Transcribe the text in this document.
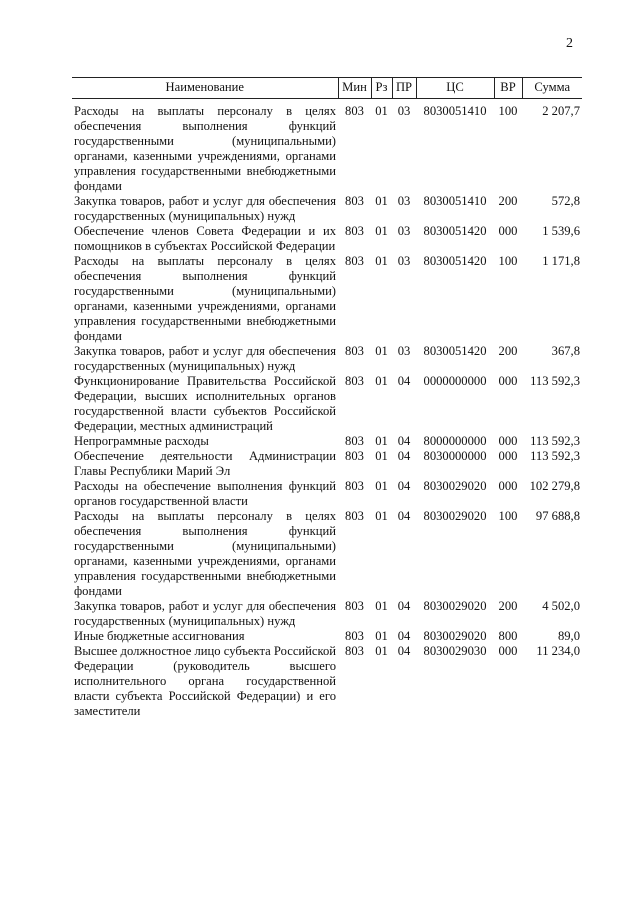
2
Наименование	Мин	Рз	ПР	ЦС	ВР	Сумма
Расходы на выплаты персоналу в целях обеспечения выполнения функций государственными (муниципальными) органами, казенными учреждениями, органами управления государственными внебюджетными фондами	803	01	03	8030051410	100	2 207,7
Закупка товаров, работ и услуг для обеспечения государственных (муниципальных) нужд	803	01	03	8030051410	200	572,8
Обеспечение членов Совета Федерации и их помощников в субъектах Российской Федерации	803	01	03	8030051420	000	1 539,6
Расходы на выплаты персоналу в целях обеспечения выполнения функций государственными (муниципальными) органами, казенными учреждениями, органами управления государственными внебюджетными фондами	803	01	03	8030051420	100	1 171,8
Закупка товаров, работ и услуг для обеспечения государственных (муниципальных) нужд	803	01	03	8030051420	200	367,8
Функционирование Правительства Российской Федерации, высших исполнительных органов государственной власти субъектов Российской Федерации, местных администраций	803	01	04	0000000000	000	113 592,3
Непрограммные расходы	803	01	04	8000000000	000	113 592,3
Обеспечение деятельности Администрации Главы Республики Марий Эл	803	01	04	8030000000	000	113 592,3
Расходы на обеспечение выполнения функций органов государственной власти	803	01	04	8030029020	000	102 279,8
Расходы на выплаты персоналу в целях обеспечения выполнения функций государственными (муниципальными) органами, казенными учреждениями, органами управления государственными внебюджетными фондами	803	01	04	8030029020	100	97 688,8
Закупка товаров, работ и услуг для обеспечения государственных (муниципальных) нужд	803	01	04	8030029020	200	4 502,0
Иные бюджетные ассигнования	803	01	04	8030029020	800	89,0
Высшее должностное лицо субъекта Российской Федерации (руководитель высшего исполнительного органа государственной власти субъекта Российской Федерации) и его заместители	803	01	04	8030029030	000	11 234,0
